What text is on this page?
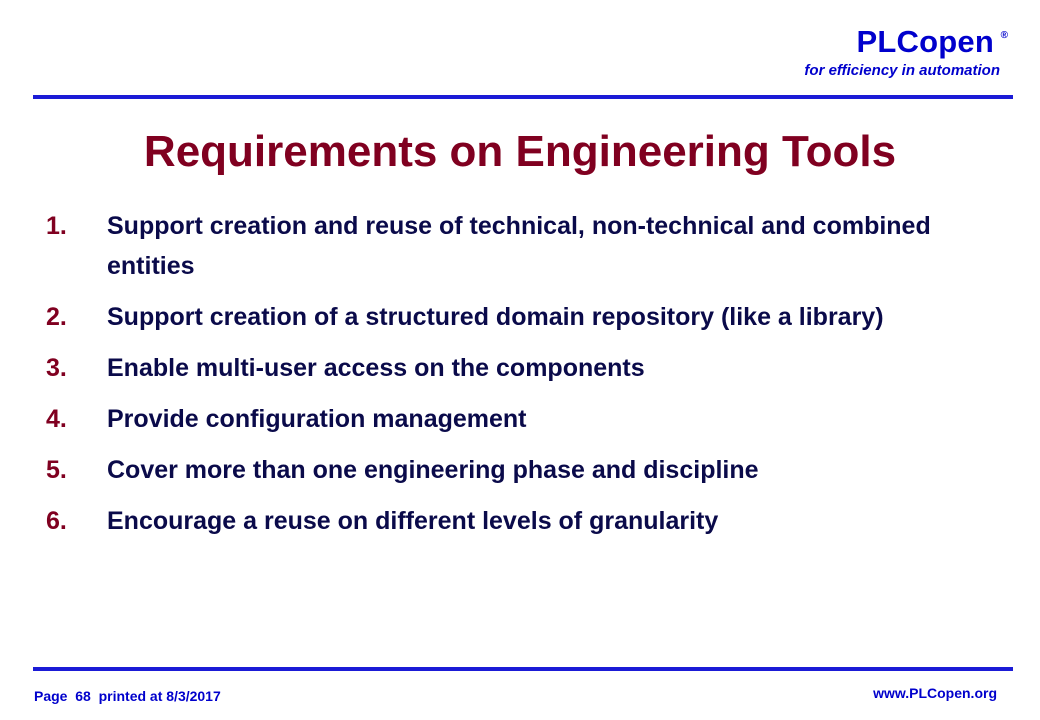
PLCopen ®
for efficiency in automation
Requirements on Engineering Tools
1. Support creation and reuse of technical, non-technical and combined entities
2. Support creation of a structured domain repository (like a library)
3. Enable multi-user access on the components
4. Provide configuration management
5. Cover more than one engineering phase and discipline
6. Encourage a reuse on different levels of granularity
Page  68  printed at 8/3/2017	www.PLCopen.org
